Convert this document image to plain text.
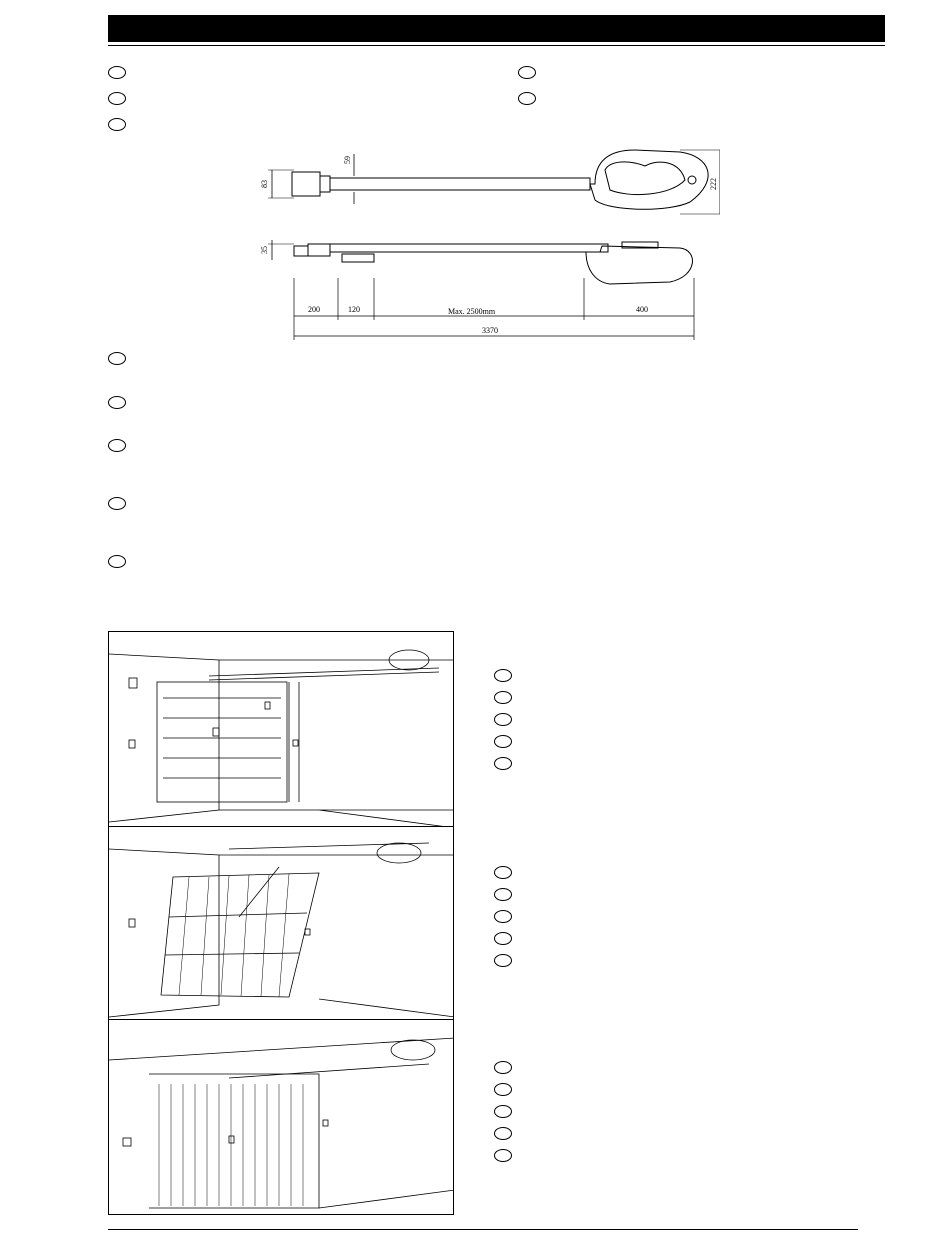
83
59
222
35
200	120	Max. 2500mm	400
3370
